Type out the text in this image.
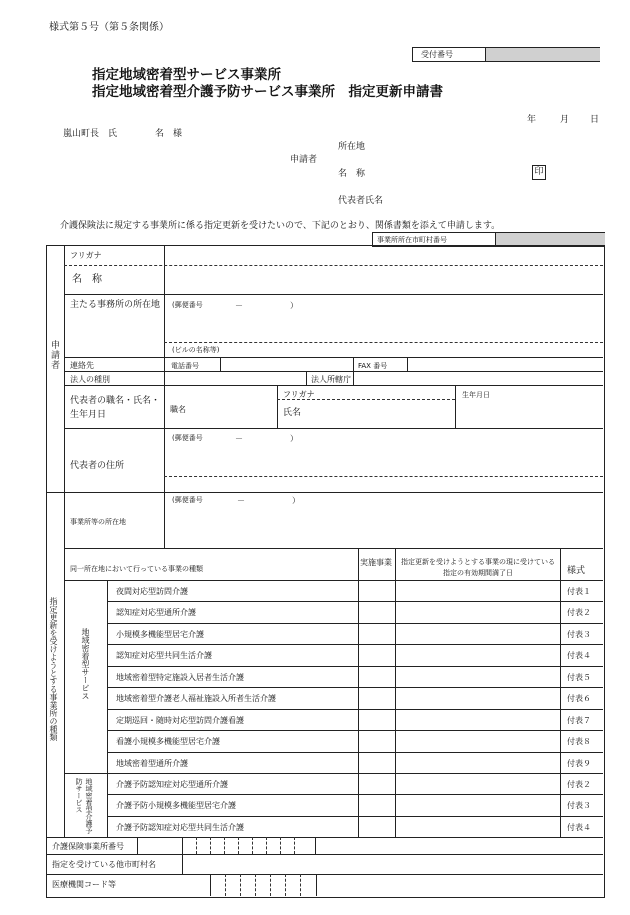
様式第５号（第５条関係）
受付番号
指定地域密着型サービス事業所
指定地域密着型介護予防サービス事業所　指定更新申請書
年	月 日
嵐山町長　氏	名　様
申請者
所在地
名　称	印
代表者氏名
介護保険法に規定する事業所に係る指定更新を受けたいので、下記のとおり、関係書類を添えて申請します。
事業所所在市町村番号
申請者
フリガナ
名　称
主たる事務所の所在地 (郵便番号	－	）
(ビルの名称等)
連絡先	電話番号	FAX 番号
法人の種別	法人所轄庁
代表者の職名・氏名・生年月日
職名
フリガナ
氏名
生年月日
(郵便番号	－	）
代表者の住所
指定更新を受けようとする事業所の種類
事業所等の所在地
(郵便番号	－	）
同一所在地において行っている事業の種類
実施事業	指定更新を受けようとする事業の現に受けている指定の有効期間満了日	様式
地域密着型サービス
地域密着型介護予防サービス
夜間対応型訪問介護	付表１
認知症対応型通所介護	付表２
小規模多機能型居宅介護	付表３
認知症対応型共同生活介護	付表４
地域密着型特定施設入居者生活介護	付表５
地域密着型介護老人福祉施設入所者生活介護	付表６
定期巡回・随時対応型訪問介護看護	付表７
看護小規模多機能型居宅介護	付表８
地域密着型通所介護	付表９
介護予防認知症対応型通所介護	付表２
介護予防小規模多機能型居宅介護	付表３
介護予防認知症対応型共同生活介護	付表４
介護保険事業所番号
指定を受けている他市町村名
医療機関コード等
